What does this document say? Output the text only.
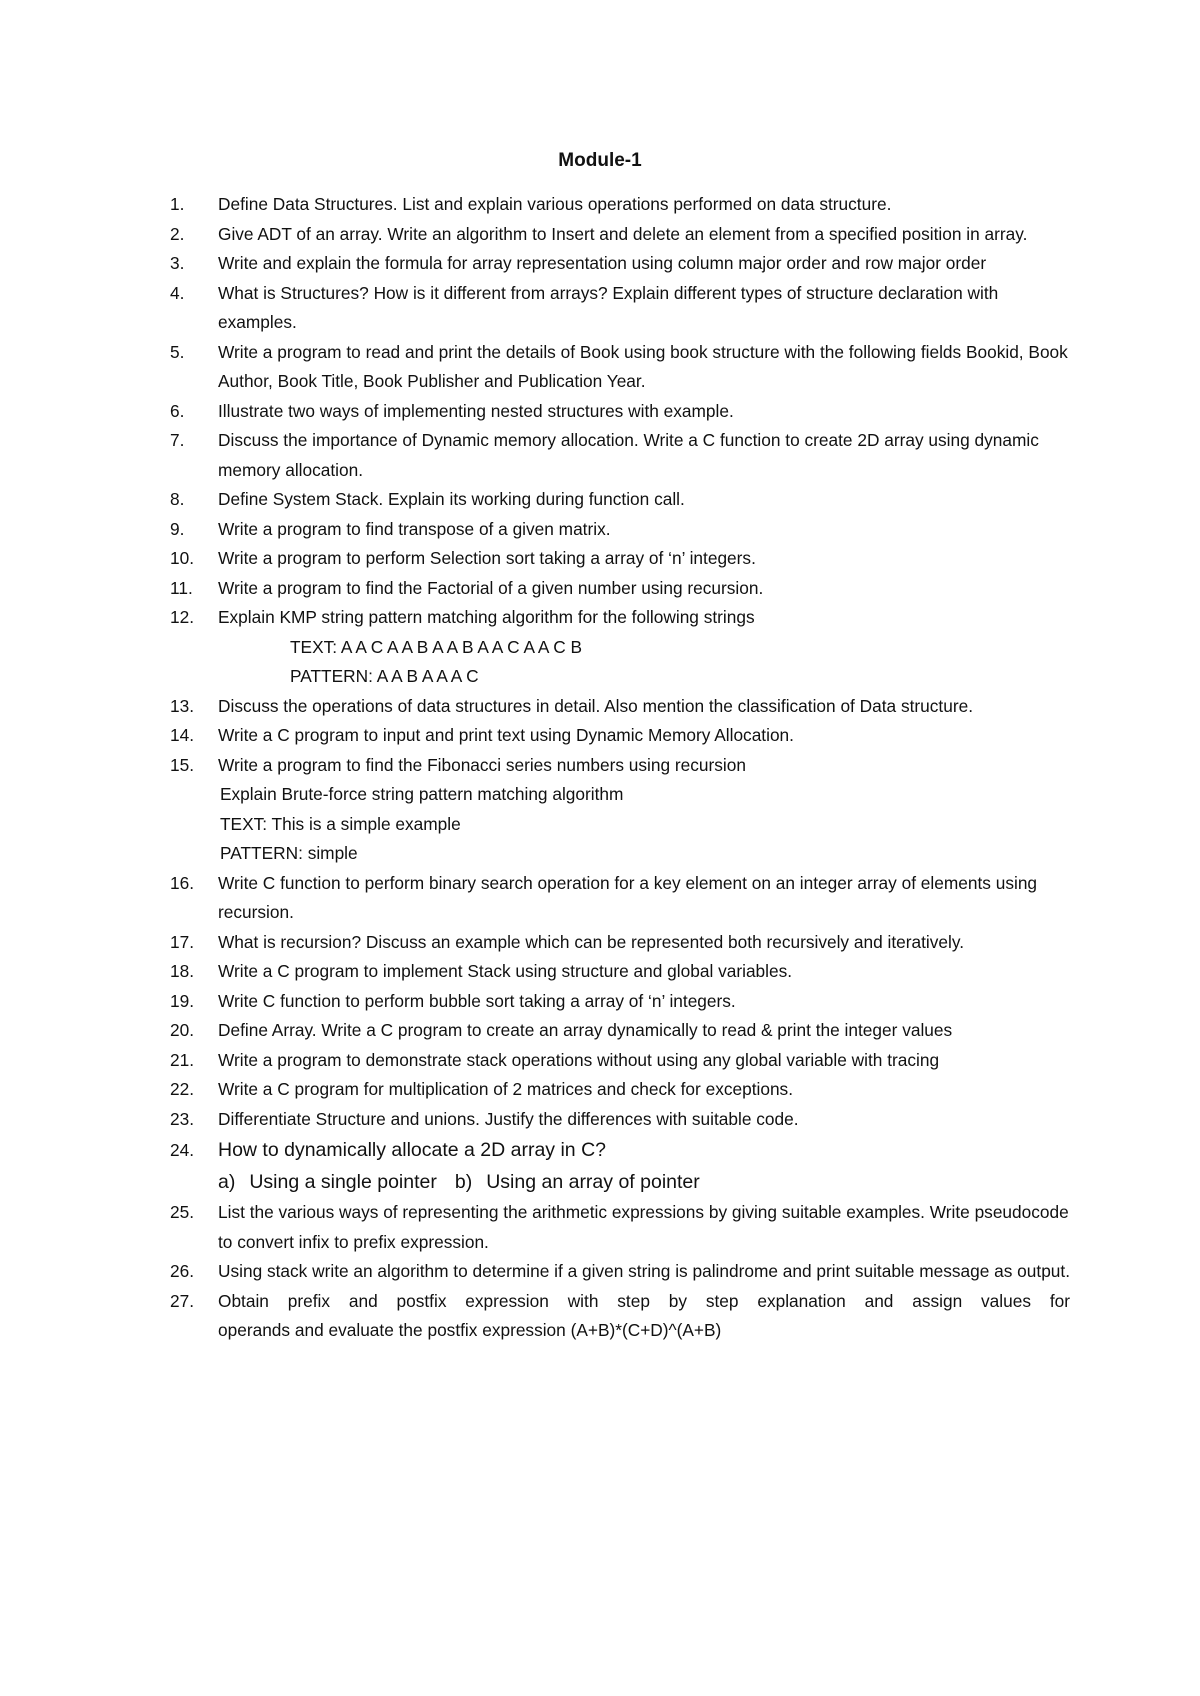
Module-1
1.	Define Data Structures. List and explain various operations performed on data structure.
2.	Give ADT of an array. Write an algorithm to Insert and delete an element from a specified position in array.
3.	Write and explain the formula for array representation using column major order and row major order
4.	What is Structures? How is it different from arrays? Explain different types of structure declaration with examples.
5.	Write a program to read and print the details of Book using book structure with the following fields Bookid, Book Author, Book Title, Book Publisher and Publication Year.
6.	Illustrate two ways of implementing nested structures with example.
7.	Discuss the importance of Dynamic memory allocation. Write a C function to create 2D array using dynamic memory allocation.
8.	Define System Stack. Explain its working during function call.
9.	Write a program to find transpose of a given matrix.
10.	Write a program to perform Selection sort taking a array of ‘n’ integers.
11.	Write a program to find the Factorial of a given number using recursion.
12.	Explain KMP string pattern matching algorithm for the following strings
TEXT: A A C A A B A A B A A C A A C B
PATTERN: A A B A A A C
13.	Discuss the operations of data structures in detail. Also mention the classification of Data structure.
14.	Write a C program to input and print text using Dynamic Memory Allocation.
15.	Write a program to find the Fibonacci series numbers using recursion
Explain Brute-force string pattern matching algorithm
TEXT: This is a simple example
PATTERN: simple
16.	Write C function to perform binary search operation for a key element on an integer array of elements using recursion.
17.	What is recursion? Discuss an example which can be represented both recursively and iteratively.
18.	Write a C program to implement Stack using structure and global variables.
19.	Write C function to perform bubble sort taking a array of ‘n’ integers.
20.	Define Array. Write a C program to create an array dynamically to read & print the integer values
21.	Write a program to demonstrate stack operations without using any global variable with tracing
22.	Write a C program for multiplication of 2 matrices and check for exceptions.
23.	Differentiate Structure and unions. Justify the differences with suitable code.
24.	How to dynamically allocate a 2D array in C?
a) Using a single pointer b) Using an array of pointer
25.	List the various ways of representing the arithmetic expressions by giving suitable examples. Write pseudocode to convert infix to prefix expression.
26.	Using stack write an algorithm to determine if a given string is palindrome and print suitable message as output.
27.	Obtain prefix and postfix expression with step by step explanation and assign values for
operands and evaluate the postfix expression (A+B)*(C+D)^(A+B)
